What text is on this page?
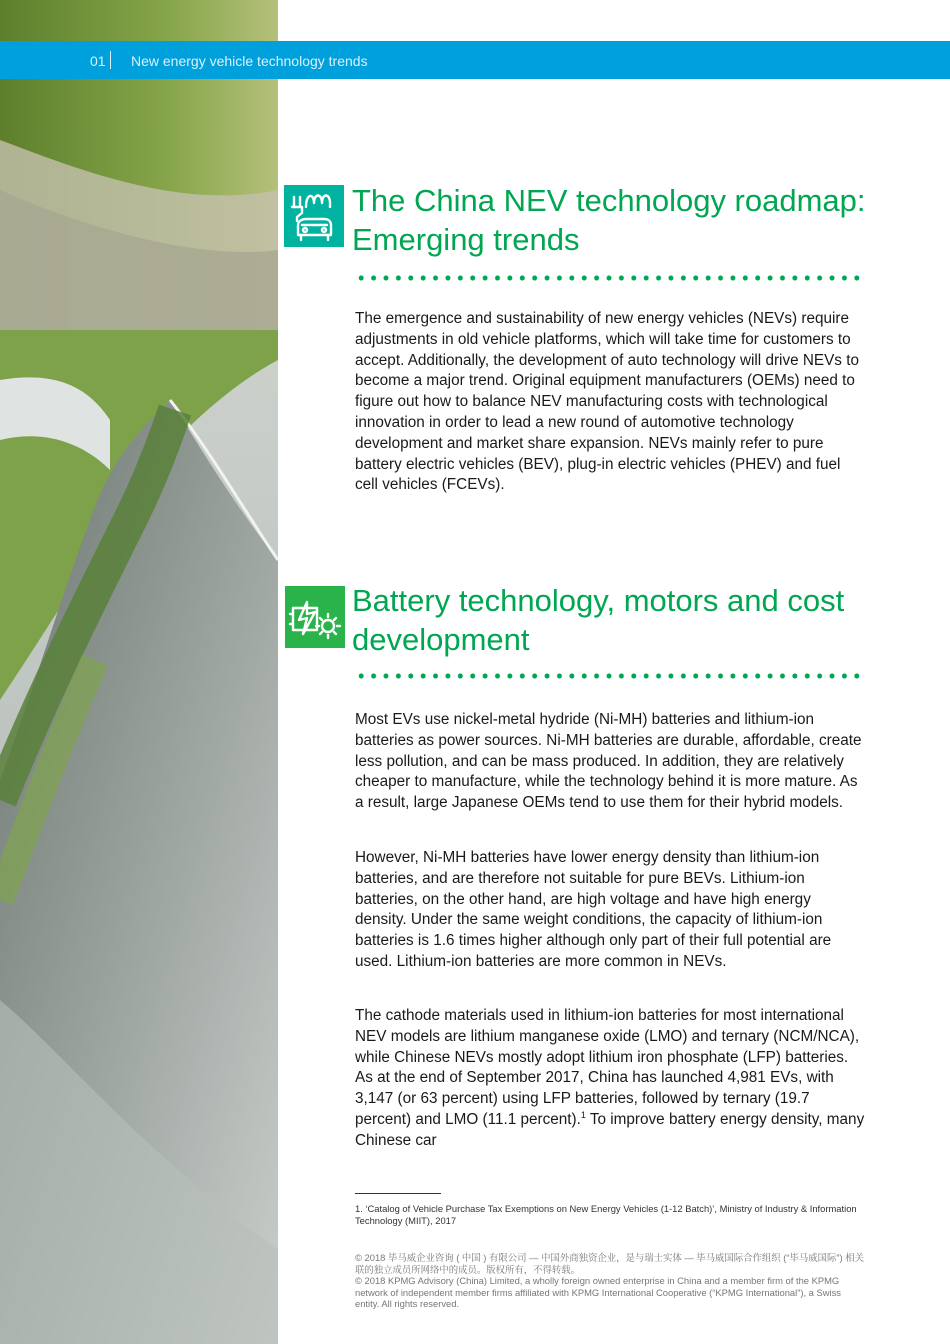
01 New energy vehicle technology trends
The China NEV technology roadmap:
Emerging trends

The emergence and sustainability of new energy vehicles (NEVs) require adjustments in old vehicle platforms, which will take time for customers to accept. Additionally, the development of auto technology will drive NEVs to become a major trend. Original equipment manufacturers (OEMs) need to figure out how to balance NEV manufacturing costs with technological innovation in order to lead a new round of automotive technology development and market share expansion. NEVs mainly refer to pure battery electric vehicles (BEV), plug-in electric vehicles (PHEV) and fuel cell vehicles (FCEVs).

Battery technology, motors and cost
development

Most EVs use nickel-metal hydride (Ni-MH) batteries and lithium-ion batteries as power sources. Ni-MH batteries are durable, affordable, create less pollution, and can be mass produced. In addition, they are relatively cheaper to manufacture, while the technology behind it is more mature. As a result, large Japanese OEMs tend to use them for their hybrid models.

However, Ni-MH batteries have lower energy density than lithium-ion batteries, and are therefore not suitable for pure BEVs. Lithium-ion batteries, on the other hand, are high voltage and have high energy density. Under the same weight conditions, the capacity of lithium-ion batteries is 1.6 times higher although only part of their full potential are used. Lithium-ion batteries are more common in NEVs.

The cathode materials used in lithium-ion batteries for most international NEV models are lithium manganese oxide (LMO) and ternary (NCM/NCA), while Chinese NEVs mostly adopt lithium iron phosphate (LFP) batteries. As at the end of September 2017, China has launched 4,981 EVs, with 3,147 (or 63 percent) using LFP batteries, followed by ternary (19.7 percent) and LMO (11.1 percent).$^1$ To improve battery energy density, many Chinese car

1. ‘Catalog of Vehicle Purchase Tax Exemptions on New Energy Vehicles (1-12 Batch)’, Ministry of Industry & Information Technology (MIIT), 2017

© 2018 毕马威企业咨询 ( 中国 ) 有限公司 — 中国外商独资企业，是与瑞士实体 — 毕马威国际合作组织 (“毕马威国际”) 相关联的独立成员所网络中的成员。版权所有，不得转载。

© 2018 KPMG Advisory (China) Limited, a wholly foreign owned enterprise in China and a member firm of the KPMG network of independent member firms affiliated with KPMG International Cooperative (“KPMG International”), a Swiss entity. All rights reserved.
